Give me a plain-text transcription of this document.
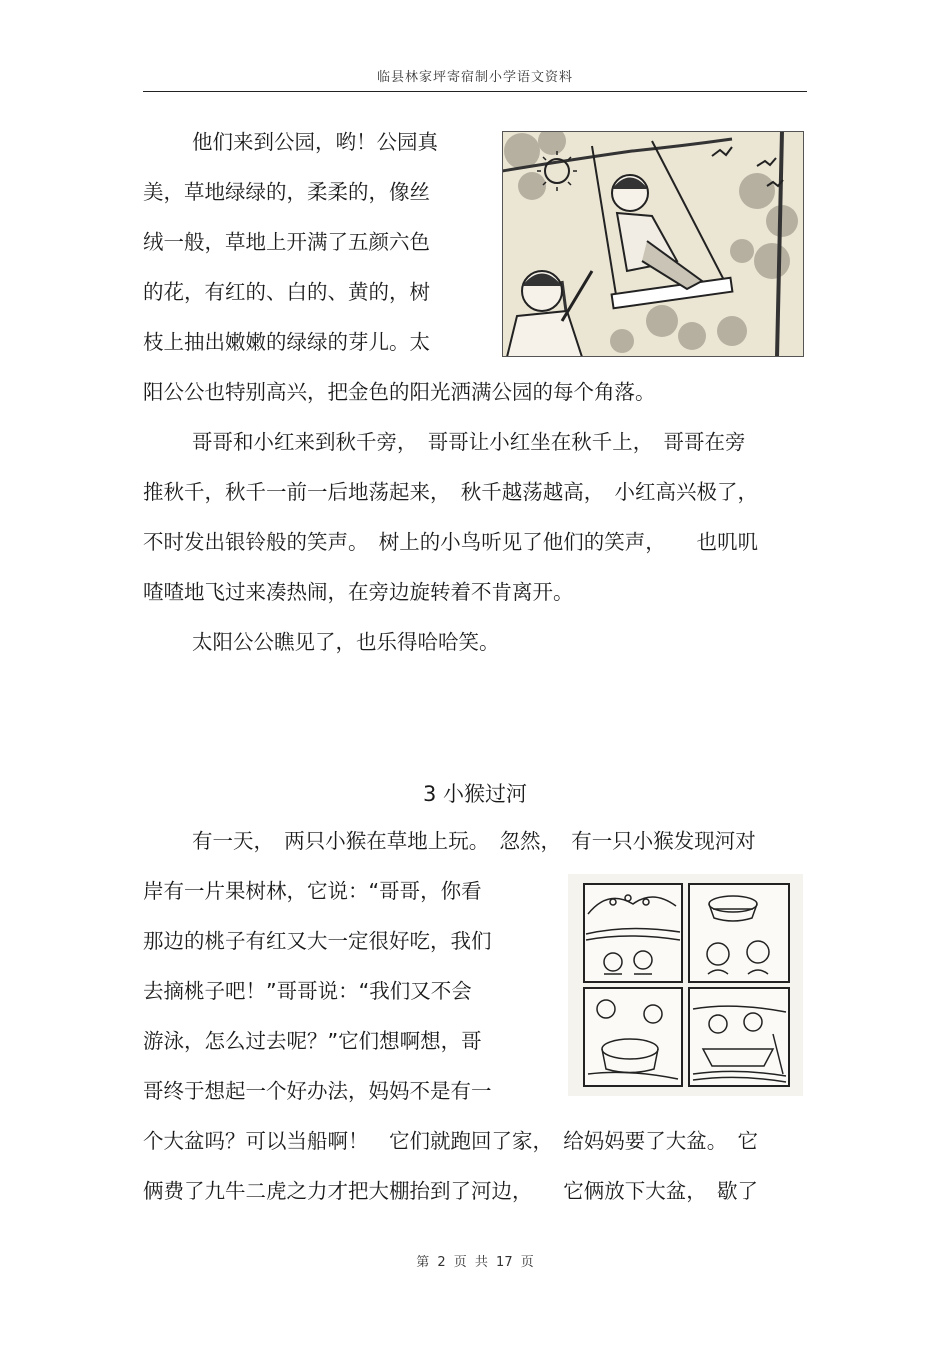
临县林家坪寄宿制小学语文资料
他们来到公园，哟！公园真
美，草地绿绿的，柔柔的，像丝
绒一般，草地上开满了五颜六色
的花，有红的、白的、黄的，树
枝上抽出嫩嫩的绿绿的芽儿。太
阳公公也特别高兴，把金色的阳光洒满公园的每个角落。
哥哥和小红来到秋千旁，　哥哥让小红坐在秋千上，　哥哥在旁
推秋千，秋千一前一后地荡起来，　秋千越荡越高，　小红高兴极了，
不时发出银铃般的笑声。　树上的小鸟听见了他们的笑声，　　也叽叽
喳喳地飞过来凑热闹，在旁边旋转着不肯离开。
太阳公公瞧见了，也乐得哈哈笑。
3 小猴过河
有一天，　两只小猴在草地上玩。　忽然，　有一只小猴发现河对
岸有一片果树林，它说：“哥哥，你看
那边的桃子有红又大一定很好吃，我们
去摘桃子吧！”哥哥说：“我们又不会
游泳，怎么过去呢？”它们想啊想，哥
哥终于想起一个好办法，妈妈不是有一
个大盆吗？可以当船啊！　它们就跑回了家，　给妈妈要了大盆。　它
俩费了九牛二虎之力才把大棚抬到了河边，　　它俩放下大盆，　歇了
第 2 页 共 17 页
